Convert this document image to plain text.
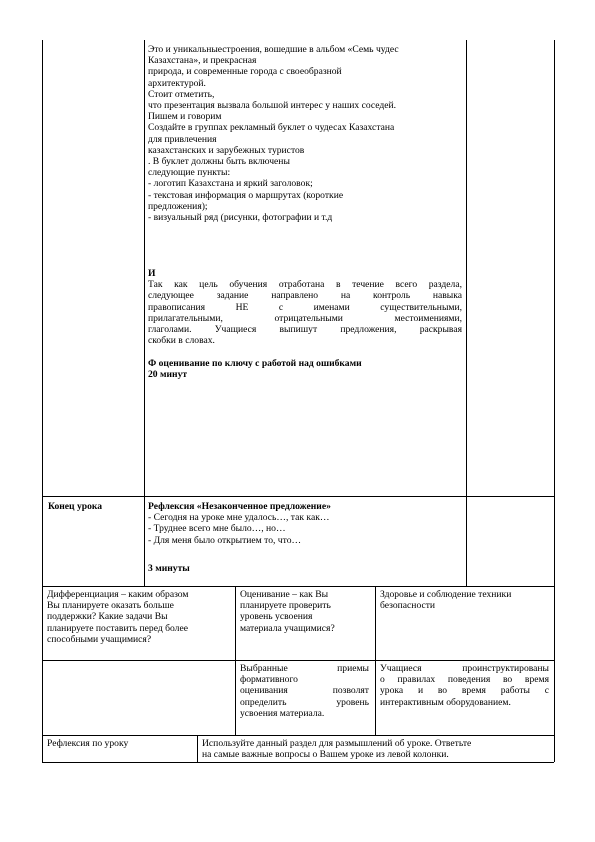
Это и уникальныестроения, вошедшие в альбом «Семь чудес

Казахстана», и прекрасная

природа, и современные города с своеобразной

архитектурой.

Стоит отметить,

что презентация вызвала большой интерес у наших соседей.

Пишем и говорим

Создайте в группах рекламный буклет о чудесах Казахстана

для привлечения

казахстанских и зарубежных туристов

. В буклет должны быть включены

следующие пункты:

- логотип Казахстана и яркий заголовок;

- текстовая информация о маршрутах (короткие

предложения);

- визуальный ряд (рисунки, фотографии и т.д

И

Так как цель обучения отработана в течение всего раздела,

следующее задание направлено на контроль навыка

правописания НЕ с именами существительными,

прилагательными, отрицательными местоимениями,

глаголами. Учащиеся выпишут предложения, раскрывая

скобки в словах.

Ф оценивание по ключу с работой над ошибками

20 минут

Конец урока	Рефлексия «Незаконченное предложение»

- Сегодня на уроке мне удалось…, так как…

- Труднее всего мне было…, но…

- Для меня было открытием то, что…

3 минуты

Дифференциация – каким образом

Вы планируете оказать больше

поддержки? Какие задачи Вы

планируете поставить перед более

способными учащимися?

Оценивание – как Вы

планируете проверить

уровень усвоения

материала учащимися?

Здоровье и соблюдение техники

безопасности

Выбранные приемы

формативного

оценивания позволят

определить уровень

усвоения мaтериала.

Учащиеся проинструктированы

о правилах поведения во время

урока и во время работы с

интерактивным оборудованием.

Рефлексия по уроку	Используйте данный раздел для размышлений об уроке. Ответьте

на самые важные вопросы о Вашем уроке из левой колонки.
